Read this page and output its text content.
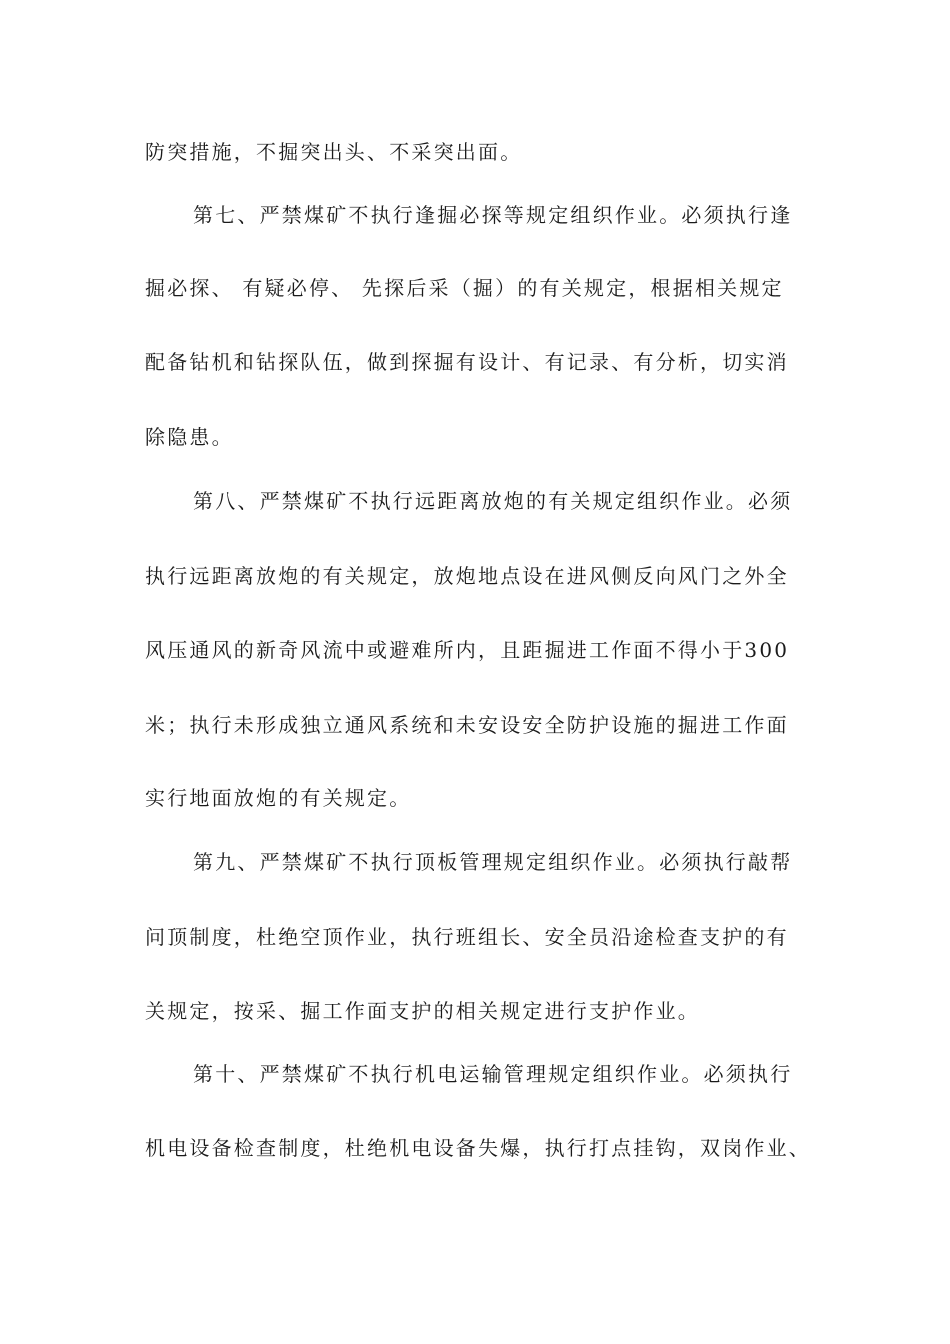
防突措施，不掘突出头、不采突出面。
第七、严禁煤矿不执行逢掘必探等规定组织作业。必须执行逢
掘必探、 有疑必停、 先探后采（掘）的有关规定，根据相关规定
配备钻机和钻探队伍，做到探掘有设计、有记录、有分析，切实消
除隐患。
第八、严禁煤矿不执行远距离放炮的有关规定组织作业。必须
执行远距离放炮的有关规定，放炮地点设在进风侧反向风门之外全
风压通风的新奇风流中或避难所内，且距掘进工作面不得小于300
米；执行未形成独立通风系统和未安设安全防护设施的掘进工作面
实行地面放炮的有关规定。
第九、严禁煤矿不执行顶板管理规定组织作业。必须执行敲帮
问顶制度，杜绝空顶作业，执行班组长、安全员沿途检查支护的有
关规定，按采、掘工作面支护的相关规定进行支护作业。
第十、严禁煤矿不执行机电运输管理规定组织作业。必须执行
机电设备检查制度，杜绝机电设备失爆，执行打点挂钩，双岗作业、
